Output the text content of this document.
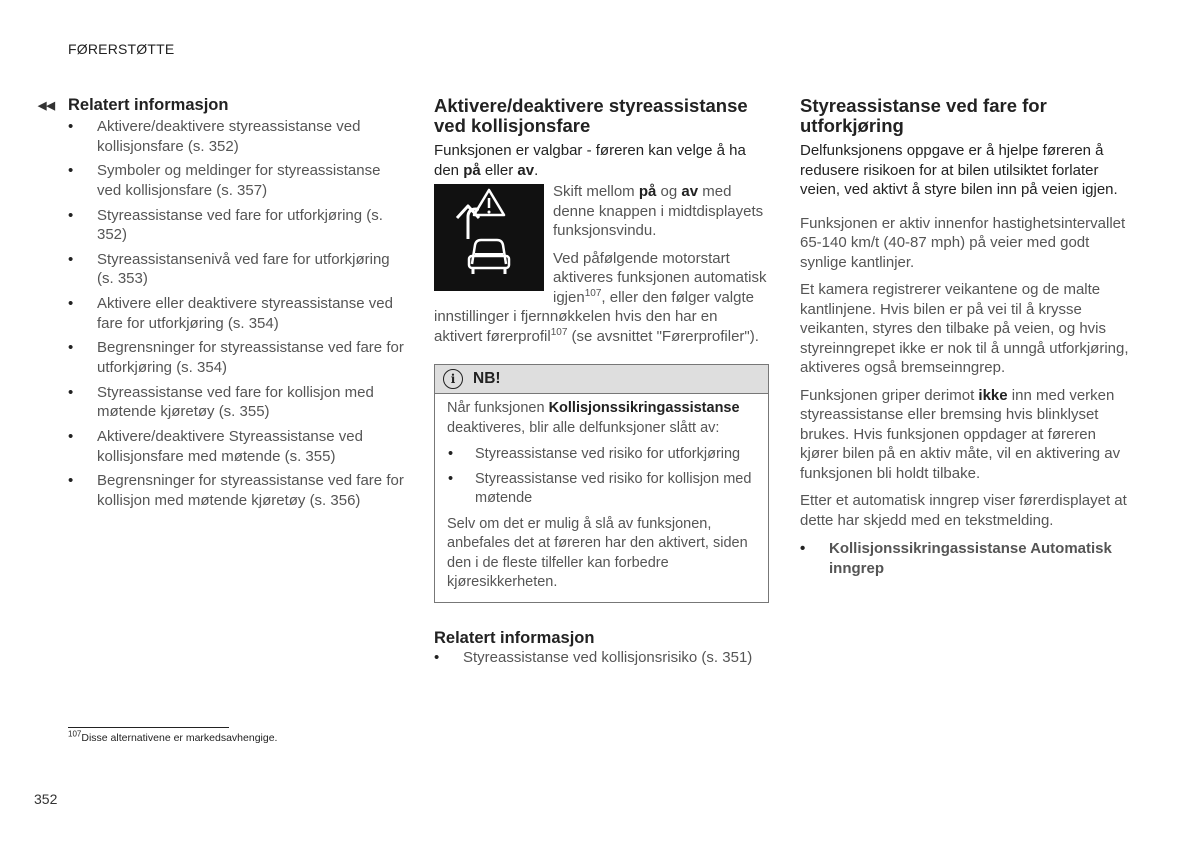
FØRERSTØTTE
◀◀ Relatert informasjon
• Aktivere/deaktivere styreassistanse ved kollisjonsfare (s. 352)
• Symboler og meldinger for styreassistanse ved kollisjonsfare (s. 357)
• Styreassistanse ved fare for utforkjøring (s. 352)
• Styreassistansenivå ved fare for utforkjøring (s. 353)
• Aktivere eller deaktivere styreassistanse ved fare for utforkjøring (s. 354)
• Begrensninger for styreassistanse ved fare for utforkjøring (s. 354)
• Styreassistanse ved fare for kollisjon med møtende kjøretøy (s. 355)
• Aktivere/deaktivere Styreassistanse ved kollisjonsfare med møtende (s. 355)
• Begrensninger for styreassistanse ved fare for kollisjon med møtende kjøretøy (s. 356)
Aktivere/deaktivere styreassistanse ved kollisjonsfare

Funksjonen er valgbar - føreren kan velge å ha den på eller av.

Skift mellom på og av med denne knappen i midtdisplayets funksjonsvindu.

Ved påfølgende motorstart aktiveres funksjonen automatisk igjen$^{107}$, eller den følger valgte innstillinger i fjernnøkkelen hvis den har en aktivert førerprofil$^{107}$ (se avsnittet "Førerprofiler").

i	NB!
Når funksjonen Kollisjonssikringassistanse deaktiveres, blir alle delfunksjoner slått av:
• Styreassistanse ved risiko for utforkjøring
• Styreassistanse ved risiko for kollisjon med møtende
Selv om det er mulig å slå av funksjonen, anbefales det at føreren har den aktivert, siden den i de fleste tilfeller kan forbedre kjøresikkerheten.
Relatert informasjon
• Styreassistanse ved kollisjonsrisiko (s. 351)
Styreassistanse ved fare for utforkjøring

Delfunksjonens oppgave er å hjelpe føreren å redusere risikoen for at bilen utilsiktet forlater veien, ved aktivt å styre bilen inn på veien igjen.

Funksjonen er aktiv innenfor hastighetsintervallet 65-140 km/t (40-87 mph) på veier med godt synlige kantlinjer.

Et kamera registrerer veikantene og de malte kantlinjene. Hvis bilen er på vei til å krysse veikanten, styres den tilbake på veien, og hvis styreinngrepet ikke er nok til å unngå utforkjøring, aktiveres også bremseinngrep.

Funksjonen griper derimot ikke inn med verken styreassistanse eller bremsing hvis blinklyset brukes. Hvis funksjonen oppdager at føreren kjører bilen på en aktiv måte, vil en aktivering av funksjonen bli holdt tilbake.

Etter et automatisk inngrep viser førerdisplayet at dette har skjedd med en tekstmelding.

• Kollisjonssikringassistanse Automatisk inngrep
$^{107}$Disse alternativene er markedsavhengige.
352
